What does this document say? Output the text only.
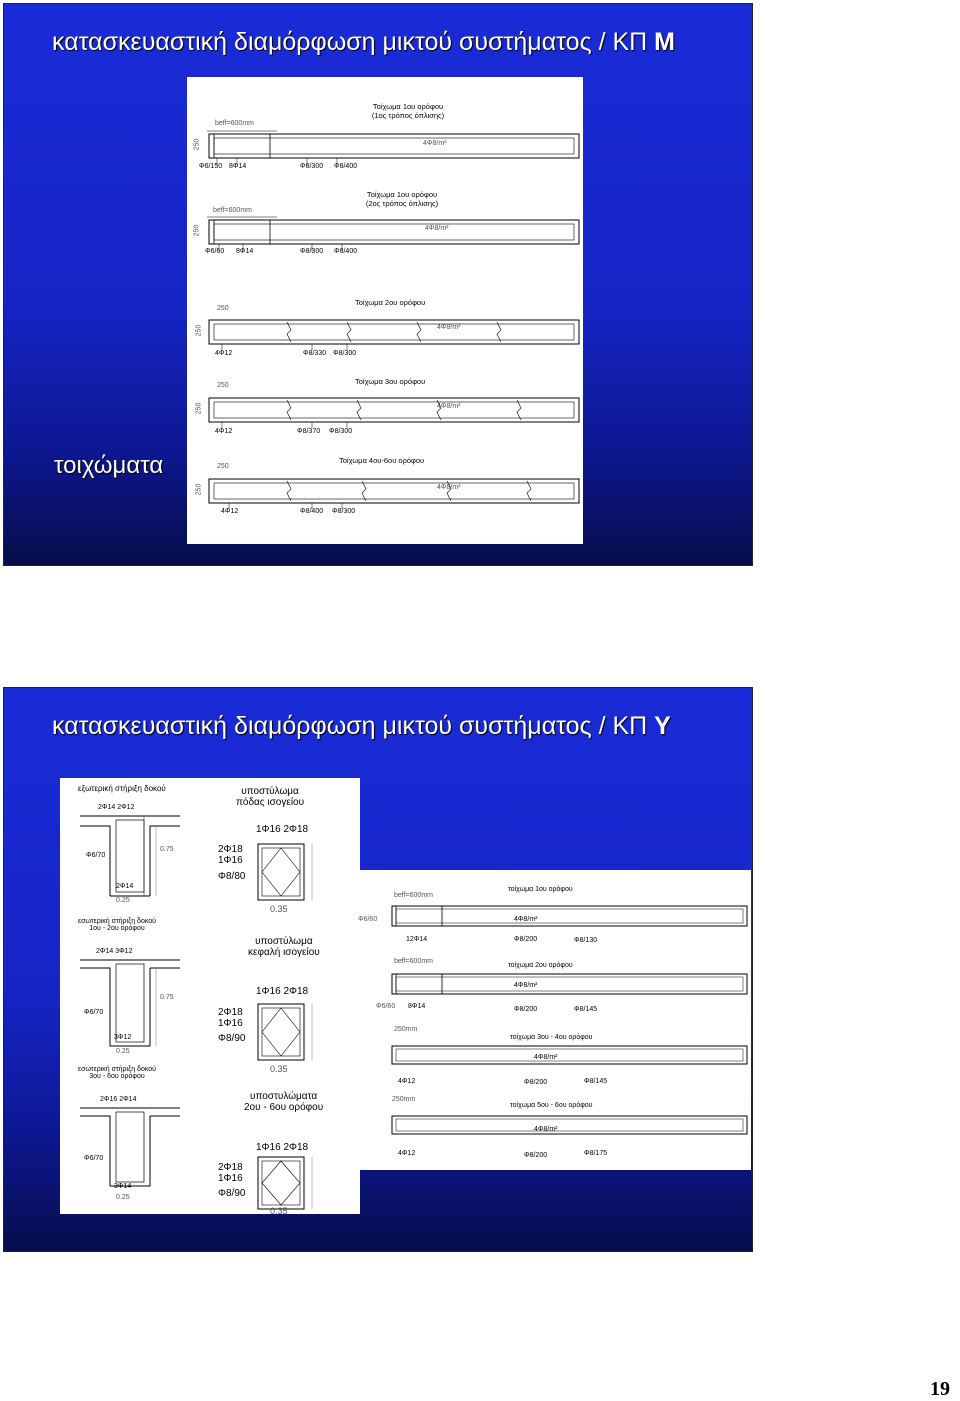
κατασκευαστική διαμόρφωση μικτού συστήματος / ΚΠ Μ
τοιχώματα
Τοίχωμα 1ου ορόφου
(1ος τρόπος όπλισης)
beff=600mm
250	4Φ8/m²
Φ6/150 8Φ14	Φ8/300 Φ8/400
Τοίχωμα 1ου ορόφου
(2ος τρόπος όπλισης)
beff=600mm
250	4Φ8/m²
Φ6/60 8Φ14	Φ8/300 Φ8/400
Τοίχωμα 2ου ορόφου
250
250	4Φ8/m²
4Φ12	Φ8/330 Φ8/300
Τοίχωμα 3ου ορόφου
250
250	4Φ8/m²
4Φ12	Φ8/370 Φ8/300
Τοίχωμα 4ου-6ου ορόφου
250
250	4Φ8/m²
4Φ12	Φ8/400 Φ8/300
κατασκευαστική διαμόρφωση μικτού συστήματος / ΚΠ Υ
εξωτερική στήριξη δοκού
2Φ14 2Φ12
Φ6/70
2Φ14
0.75
0.25
εσωτερική στήριξη δοκού
1ου - 2ου ορόφου
2Φ14 3Φ12
Φ6/70
3Φ12
0.75
0.25
εσωτερική στήριξη δοκού
3ου - 6ου ορόφου
2Φ16 2Φ14
Φ6/70
3Φ14
0.25
υποστύλωμα
πόδας ισογείου
1Φ16 2Φ18
2Φ18
1Φ16
Φ8/80
0.35
υποστύλωμα
κεφαλή ισογείου
1Φ16 2Φ18
2Φ18
1Φ16
Φ8/90
0.35
υποστυλώματα
2ου - 6ου ορόφου
1Φ16 2Φ18
2Φ18
1Φ16
Φ8/90
0.35
beff=600mm
τοίχωμα 1ου ορόφου
Φ6/60	4Φ8/m²
12Φ14	Φ8/200	Φ8/130
beff=600mm
τοίχωμα 2ου ορόφου
4Φ8/m²
Φ6/60 8Φ14	Φ8/200	Φ8/145
250mm
τοίχωμα 3ου - 4ου ορόφου
4Φ8/m²
4Φ12	Φ8/200	Φ8/145
250mm
τοίχωμα 5ου - 6ου ορόφου
4Φ8/m²
4Φ12	Φ8/200	Φ8/175
19
